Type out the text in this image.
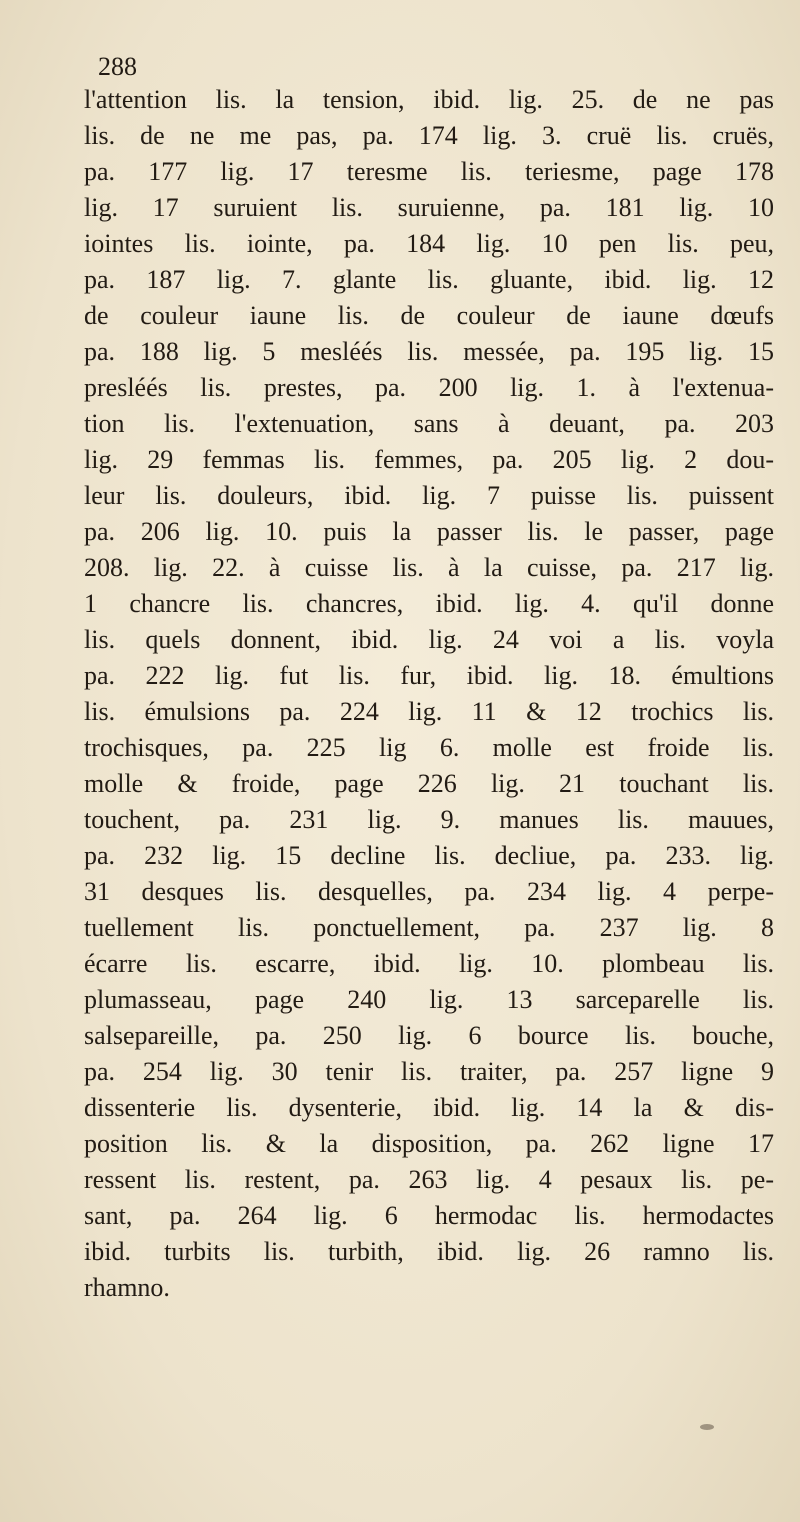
288
l'attention lis. la tension, ibid. lig. 25. de ne pas
lis. de ne me pas, pa. 174 lig. 3. cruë lis. cruës,
pa. 177 lig. 17 teresme lis. teriesme, page 178
lig. 17 suruient lis. suruienne, pa. 181 lig. 10
iointes lis. iointe, pa. 184 lig. 10 pen lis. peu,
pa. 187 lig. 7. glante lis. gluante, ibid. lig. 12
de couleur iaune lis. de couleur de iaune dœufs
pa. 188 lig. 5 mesléés lis. messée, pa. 195 lig. 15
presléés lis. prestes, pa. 200 lig. 1. à l'extenua-
tion lis. l'extenuation, sans à deuant, pa. 203
lig. 29 femmas lis. femmes, pa. 205 lig. 2 dou-
leur lis. douleurs, ibid. lig. 7 puisse lis. puissent
pa. 206 lig. 10. puis la passer lis. le passer, page
208. lig. 22. à cuisse lis. à la cuisse, pa. 217 lig.
1 chancre lis. chancres, ibid. lig. 4. qu'il donne
lis. quels donnent, ibid. lig. 24 voi a lis. voyla
pa. 222 lig. fut lis. fur, ibid. lig. 18. émultions
lis. émulsions pa. 224 lig. 11 & 12 trochics lis.
trochisques, pa. 225 lig 6. molle est froide lis.
molle & froide, page 226 lig. 21 touchant lis.
touchent, pa. 231 lig. 9. manues lis. mauues,
pa. 232 lig. 15 decline lis. decliue, pa. 233. lig.
31 desques lis. desquelles, pa. 234 lig. 4 perpe-
tuellement lis. ponctuellement, pa. 237 lig. 8
écarre lis. escarre, ibid. lig. 10. plombeau lis.
plumasseau, page 240 lig. 13 sarceparelle lis.
salsepareille, pa. 250 lig. 6 bource lis. bouche,
pa. 254 lig. 30 tenir lis. traiter, pa. 257 ligne 9
dissenterie lis. dysenterie, ibid. lig. 14 la & dis-
position lis. & la disposition, pa. 262 ligne 17
ressent lis. restent, pa. 263 lig. 4 pesaux lis. pe-
sant, pa. 264 lig. 6 hermodac lis. hermodactes
ibid. turbits lis. turbith, ibid. lig. 26 ramno lis.
rhamno.
